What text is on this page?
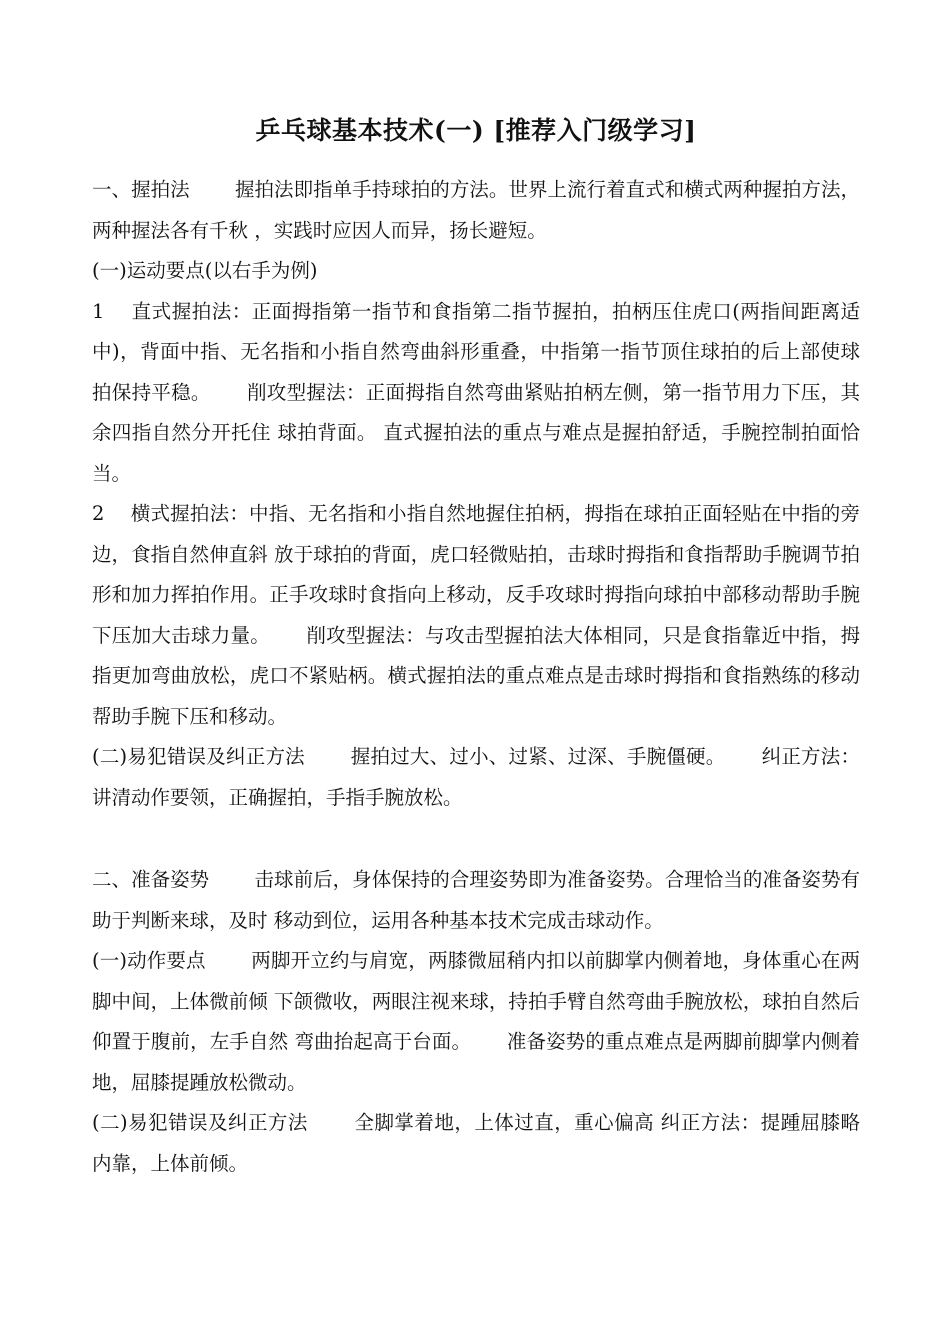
乒乓球基本技术(一) [推荐入门级学习]

一、握拍法　　 握拍法即指单手持球拍的方法。世界上流行着直式和横式两种握拍方法，两种握法各有千秋 ，实践时应因人而异，扬长避短。

(一)运动要点(以右手为例)

1　 直式握拍法：正面拇指第一指节和食指第二指节握拍，拍柄压住虎口(两指间距离适中)，背面中指、无名指和小指自然弯曲斜形重叠，中指第一指节顶住球拍的后上部使球拍保持平稳。　　 削攻型握法：正面拇指自然弯曲紧贴拍柄左侧，第一指节用力下压，其余四指自然分开托住 球拍背面。 直式握拍法的重点与难点是握拍舒适，手腕控制拍面恰当。

2　 横式握拍法：中指、无名指和小指自然地握住拍柄，拇指在球拍正面轻贴在中指的旁边，食指自然伸直斜 放于球拍的背面，虎口轻微贴拍，击球时拇指和食指帮助手腕调节拍形和加力挥拍作用。正手攻球时食指向上移动，反手攻球时拇指向球拍中部移动帮助手腕下压加大击球力量。　　 削攻型握法：与攻击型握拍法大体相同，只是食指靠近中指，拇指更加弯曲放松，虎口不紧贴柄。横式握拍法的重点难点是击球时拇指和食指熟练的移动帮助手腕下压和移动。

(二)易犯错误及纠正方法　　 握拍过大、过小、过紧、过深、手腕僵硬。　　 纠正方法：讲清动作要领，正确握拍，手指手腕放松。

二、准备姿势　　 击球前后，身体保持的合理姿势即为准备姿势。合理恰当的准备姿势有助于判断来球，及时 移动到位，运用各种基本技术完成击球动作。

(一)动作要点　　 两脚开立约与肩宽，两膝微屈稍内扣以前脚掌内侧着地，身体重心在两脚中间，上体微前倾 下颌微收，两眼注视来球，持拍手臂自然弯曲手腕放松，球拍自然后仰置于腹前，左手自然 弯曲抬起高于台面。　　 准备姿势的重点难点是两脚前脚掌内侧着地，屈膝提踵放松微动。

(二)易犯错误及纠正方法　　 全脚掌着地，上体过直，重心偏高 纠正方法：提踵屈膝略内靠，上体前倾。
